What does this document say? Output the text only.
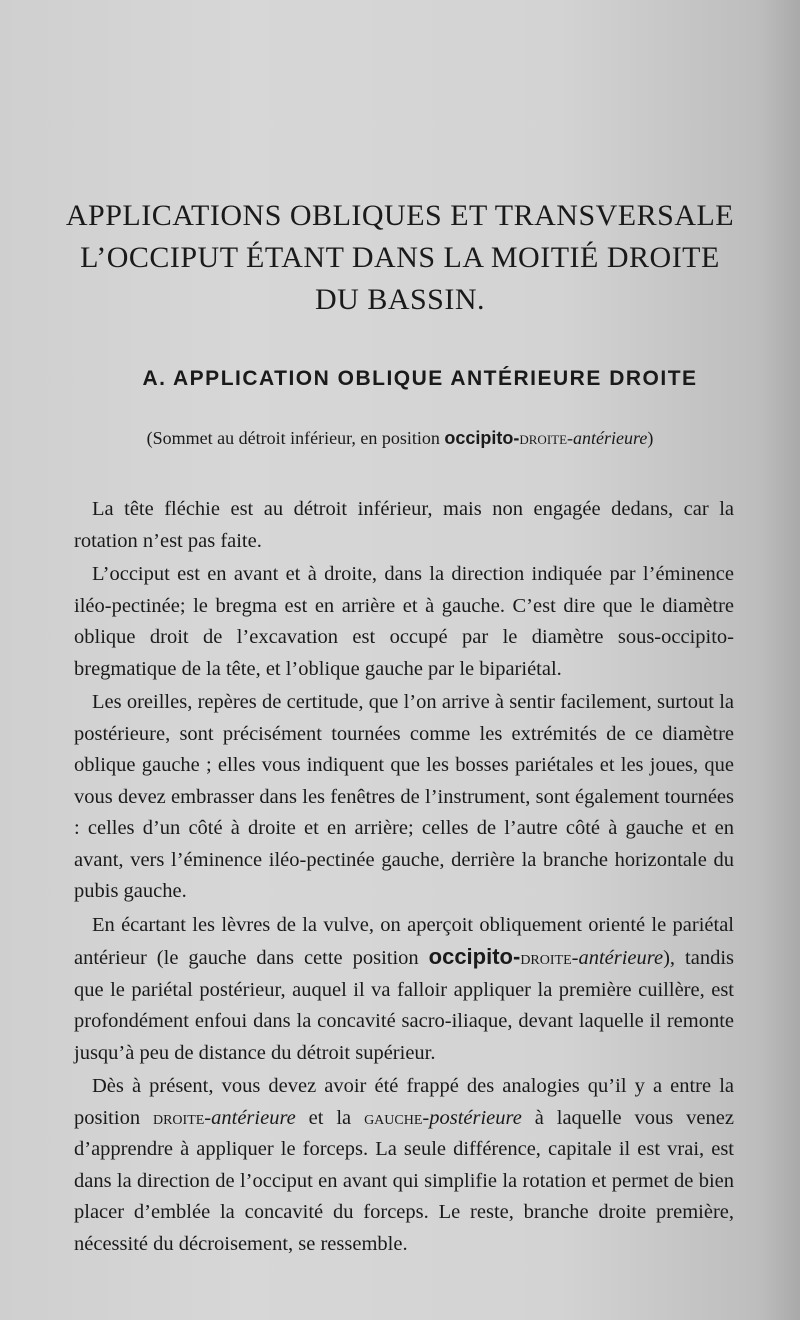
APPLICATIONS OBLIQUES ET TRANSVERSALE
L’OCCIPUT ÉTANT DANS LA MOITIÉ DROITE
DU BASSIN.
A. APPLICATION OBLIQUE ANTÉRIEURE DROITE

(Sommet au détroit inférieur, en position occipito-droite-antérieure)

La tête fléchie est au détroit inférieur, mais non engagée dedans, car la rotation n’est pas faite.

L’occiput est en avant et à droite, dans la direction indiquée par l’éminence iléo-pectinée; le bregma est en arrière et à gauche. C’est dire que le diamètre oblique droit de l’excavation est occupé par le diamètre sous-occipito-bregmatique de la tête, et l’oblique gauche par le bipariétal.

Les oreilles, repères de certitude, que l’on arrive à sentir facilement, surtout la postérieure, sont précisément tournées comme les extrémités de ce diamètre oblique gauche ; elles vous indiquent que les bosses pariétales et les joues, que vous devez embrasser dans les fenêtres de l’instrument, sont également tournées : celles d’un côté à droite et en arrière; celles de l’autre côté à gauche et en avant, vers l’éminence iléo-pectinée gauche, derrière la branche horizontale du pubis gauche.

En écartant les lèvres de la vulve, on aperçoit obliquement orienté le pariétal antérieur (le gauche dans cette position occipito-droite-antérieure), tandis que le pariétal postérieur, auquel il va falloir appliquer la première cuillère, est profondément enfoui dans la concavité sacro-iliaque, devant laquelle il remonte jusqu’à peu de distance du détroit supérieur.

Dès à présent, vous devez avoir été frappé des analogies qu’il y a entre la position droite-antérieure et la gauche-postérieure à laquelle vous venez d’apprendre à appliquer le forceps. La seule différence, capitale il est vrai, est dans la direction de l’occiput en avant qui simplifie la rotation et permet de bien placer d’emblée la concavité du forceps. Le reste, branche droite première, nécessité du décroisement, se ressemble.
